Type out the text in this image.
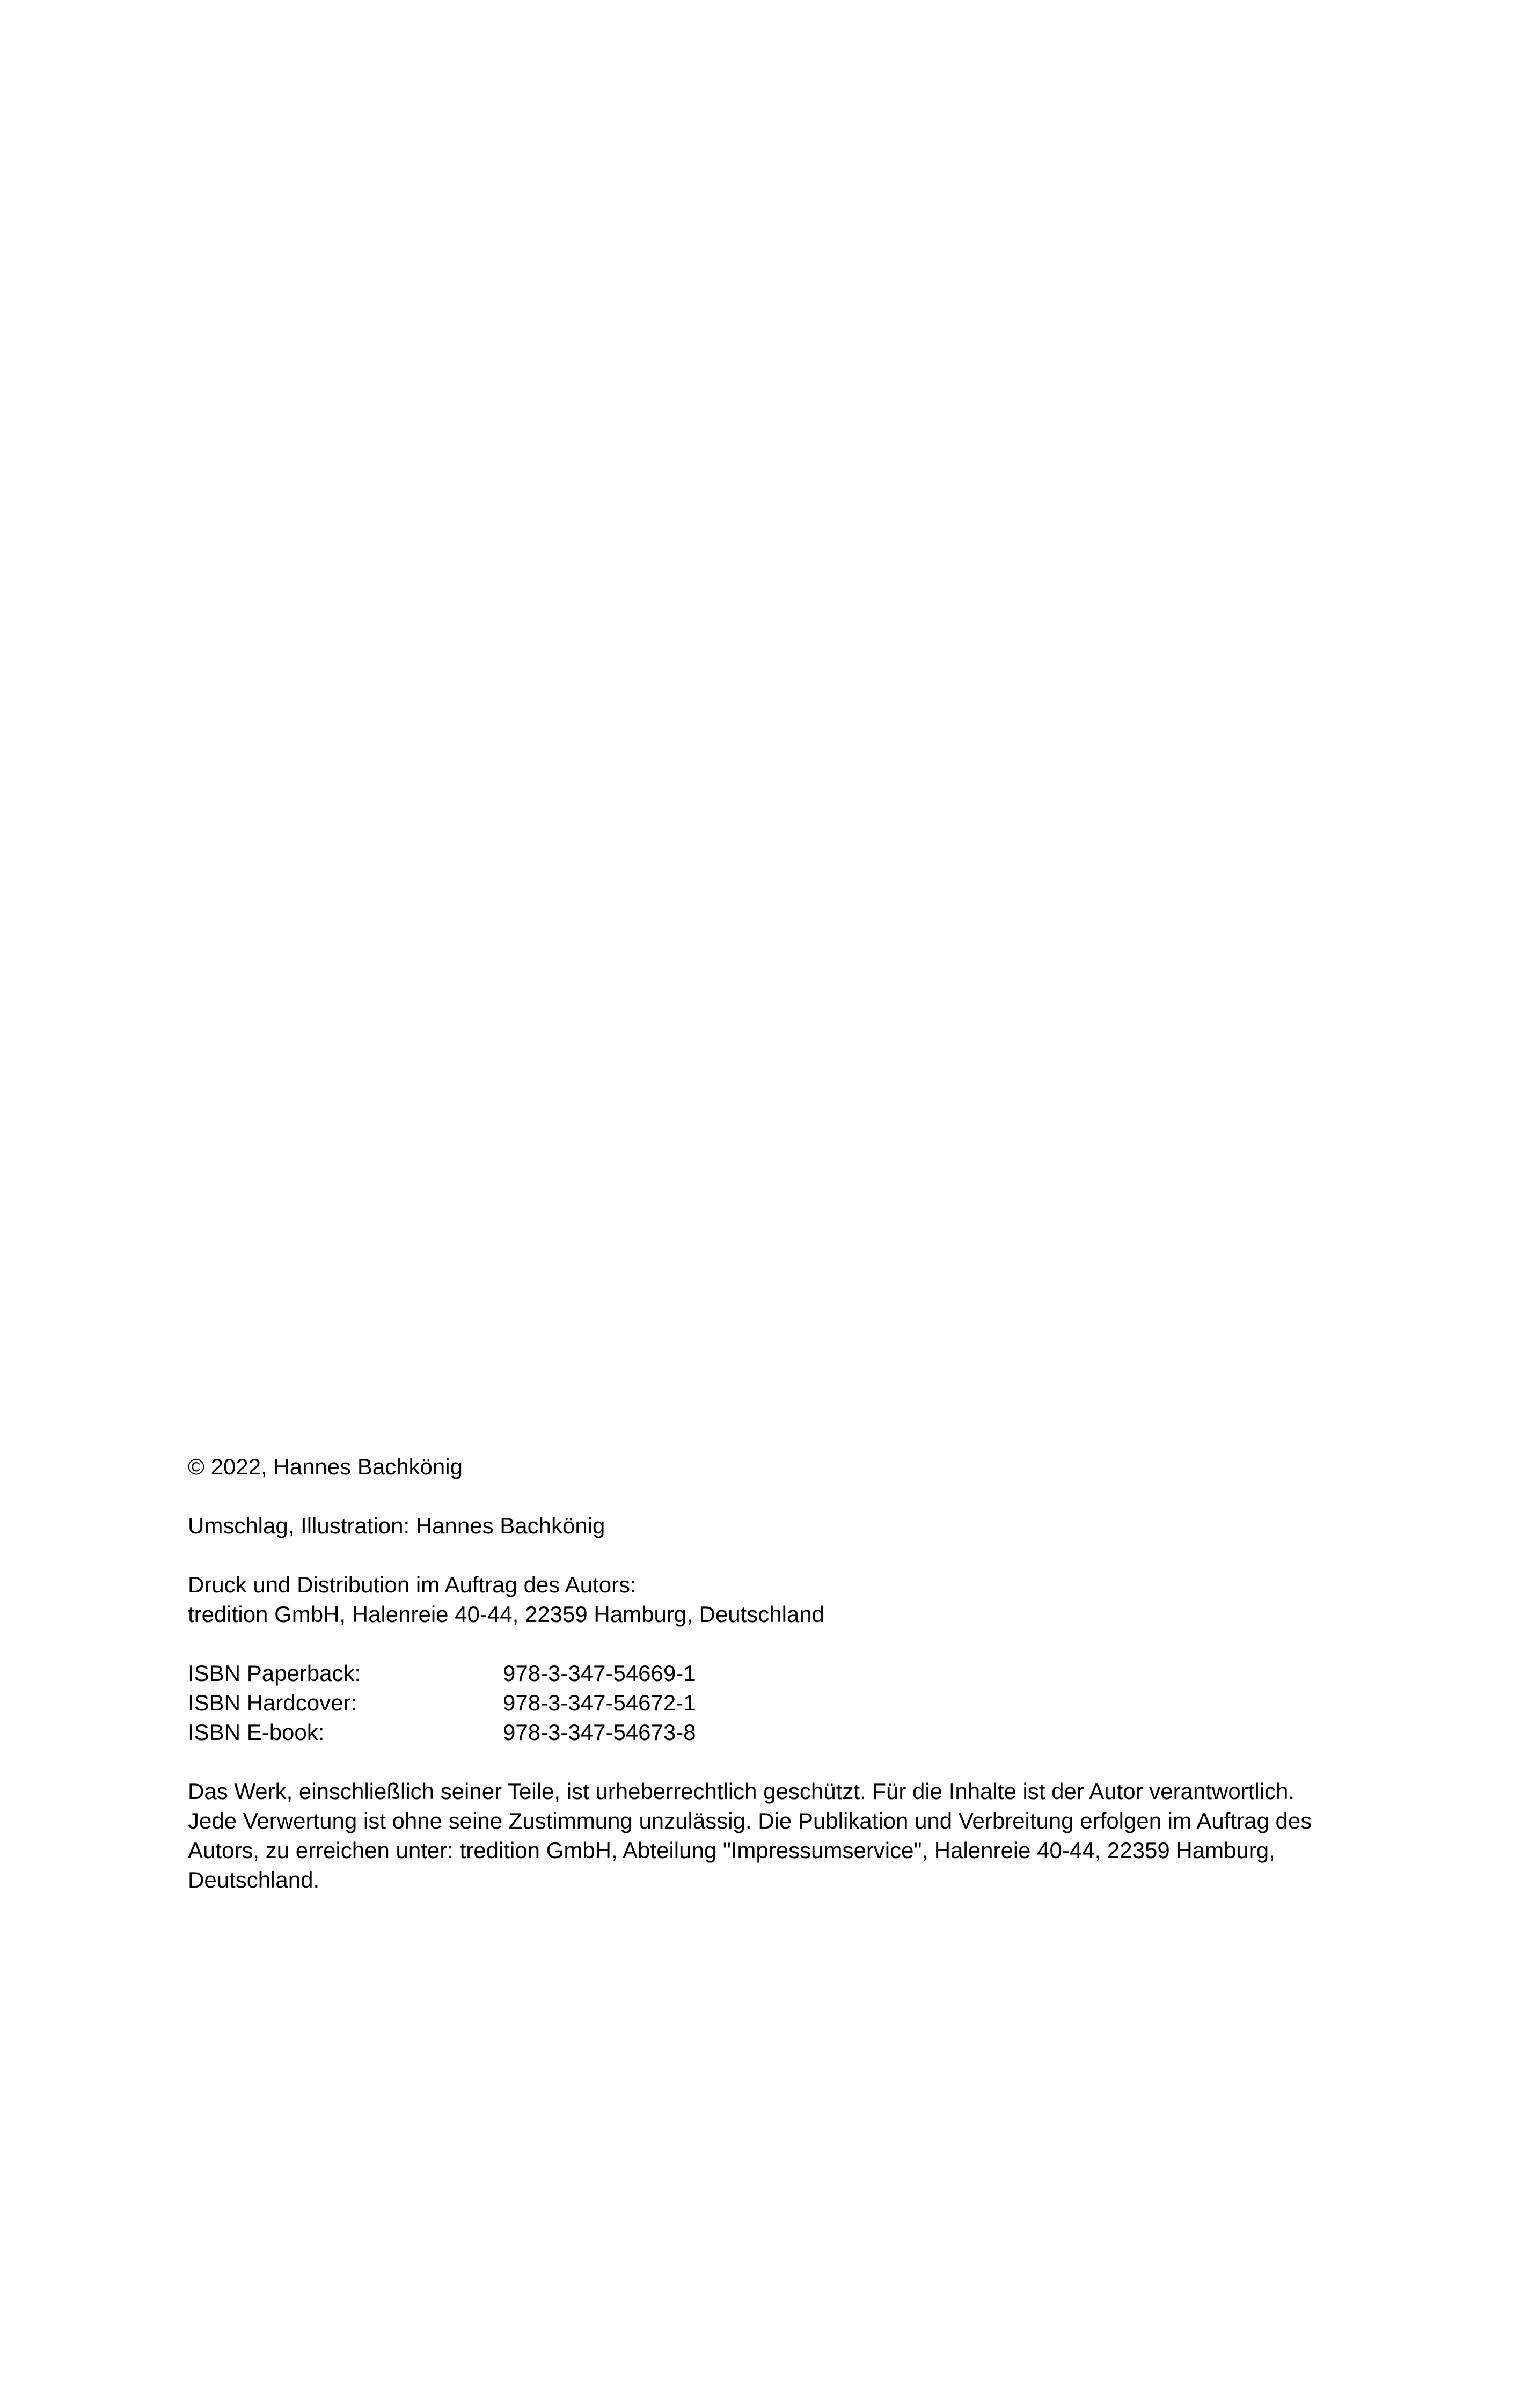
© 2022, Hannes Bachkönig
Umschlag, Illustration: Hannes Bachkönig
Druck und Distribution im Auftrag des Autors:
tredition GmbH, Halenreie 40-44, 22359 Hamburg, Deutschland
ISBN Paperback:	978-3-347-54669-1
ISBN Hardcover:	978-3-347-54672-1
ISBN E-book:	978-3-347-54673-8
Das Werk, einschließlich seiner Teile, ist urheberrechtlich geschützt. Für die Inhalte ist der Autor verantwortlich.
Jede Verwertung ist ohne seine Zustimmung unzulässig. Die Publikation und Verbreitung erfolgen im Auftrag des
Autors, zu erreichen unter: tredition GmbH, Abteilung "Impressumservice", Halenreie 40-44, 22359 Hamburg,
Deutschland.
